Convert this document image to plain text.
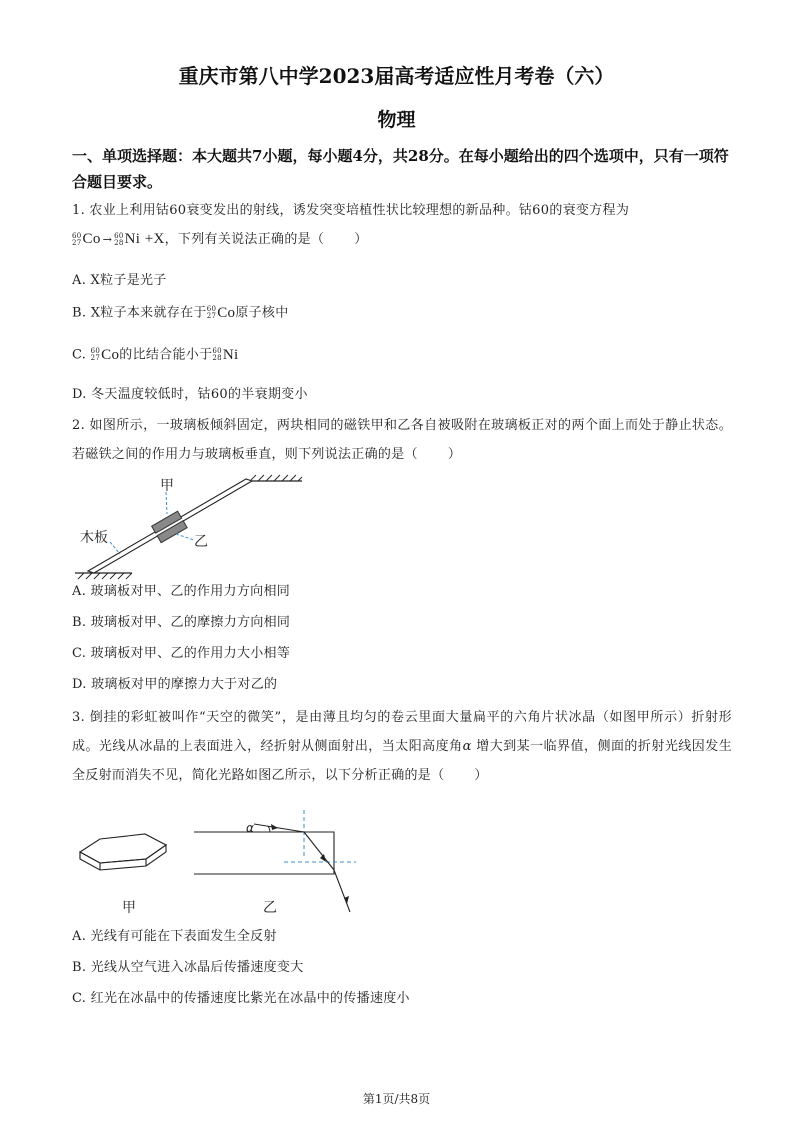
重庆市第八中学2023届高考适应性月考卷（六）
物理
一、单项选择题：本大题共7小题，每小题4分，共28分。在每小题给出的四个选项中，只有一项符合题目要求。
1. 农业上利用钴60衰变发出的射线，诱发突变培植性状比较理想的新品种。钴60的衰变方程为

60
27 Co → 60
28 Ni +X，下列有关说法正确的是（ ）
A. X粒子是光子
B. X粒子本来就存在于 60
27 Co 原子核中
C. 60
27 Co 的比结合能小于 60
28 Ni
D. 冬天温度较低时，钴60的半衰期变小
2. 如图所示，一玻璃板倾斜固定，两块相同的磁铁甲和乙各自被吸附在玻璃板正对的两个面上而处于静止状态。若磁铁之间的作用力与玻璃板垂直，则下列说法正确的是（ ）
甲
乙
木板
A. 玻璃板对甲、乙的作用力方向相同
B. 玻璃板对甲、乙的摩擦力方向相同
C. 玻璃板对甲、乙的作用力大小相等
D. 玻璃板对甲的摩擦力大于对乙的
3. 倒挂的彩虹被叫作“天空的微笑”，是由薄且均匀的卷云里面大量扁平的六角片状冰晶（如图甲所示）折射形成。光线从冰晶的上表面进入，经折射从侧面射出，当太阳高度角α 增大到某一临界值，侧面的折射光线因发生全反射而消失不见，简化光路如图乙所示，以下分析正确的是（ ）
甲
α
乙
A. 光线有可能在下表面发生全反射
B. 光线从空气进入冰晶后传播速度变大
C. 红光在冰晶中的传播速度比紫光在冰晶中的传播速度小
第1页/共8页
